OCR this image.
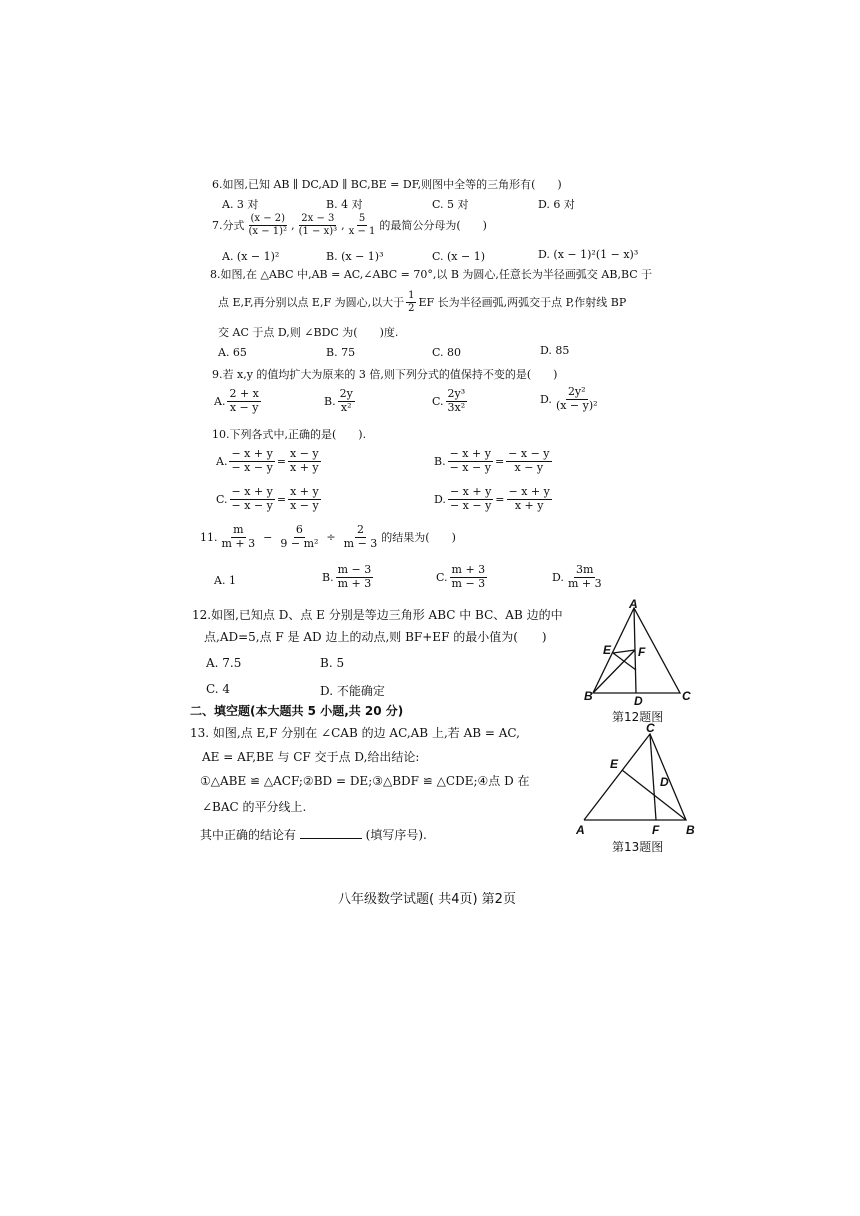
6.如图,已知 AB ∥ DC,AD ∥ BC,BE = DF,则图中全等的三角形有(　　)
A. 3 对	B. 4 对	C. 5 对	D. 6 对
7.分式 $\frac{(x - 2)}{\text{(x − 1)²}}$ , $\frac{2x - 3}{\text{(1 − x)³}}$ , $\frac{5}{x - 1}$ 的最简公分母为(　　)
A. (x − 1)²	B. (x − 1)³	C. (x − 1)	D. (x − 1)²(1 − x)³
8.如图,在 △ABC 中,AB = AC,∠ABC = 70°,以 B 为圆心,任意长为半径画弧交 AB,BC 于
点 E,F,再分别以点 E,F 为圆心,以大于 $\frac{1}{2}$ EF 长为半径画弧,两弧交于点 P,作射线 BP
交 AC 于点 D,则 ∠BDC 为(　　)度.
A. 65	B. 75	C. 80	D. 85
9.若 x,y 的值均扩大为原来的 3 倍,则下列分式的值保持不变的是(　　)
A. $\frac{2 + x}{x - y}$	B. $\frac{2y}{\text{x²}}$	C. $\frac{\text{2y³}}{\text{3x²}}$	D. $\frac{\text{2y²}}{\text{(x − y)²}}$
10.下列各式中,正确的是(　　).
A. $\frac{- x + y}{- x - y} = \frac{x - y}{x + y}$	B. $\frac{- x + y}{- x - y} = \frac{- x - y}{x - y}$
C. $\frac{- x + y}{- x - y} = \frac{x + y}{x - y}$	D. $\frac{- x + y}{- x - y} = \frac{- x + y}{x + y}$
11. $\frac{m}{m + 3} - \frac{6}{\text{9 − m²}} \div \frac{2}{m - 3}$ 的结果为(　　)
A. 1	B. $\frac{m - 3}{m + 3}$	C. $\frac{m + 3}{m - 3}$	D. $\frac{3m}{m + 3}$
12.如图,已知点 D、点 E 分别是等边三角形 ABC 中 BC、AB 边的中
点,AD=5,点 F 是 AD 边上的动点,则 BF+EF 的最小值为(　　)
A. 7.5	B. 5
C. 4	D. 不能确定
A
E F
B	D	C
第12题图
二、填空题(本大题共 5 小题,共 20 分)
13. 如图,点 E,F 分别在 ∠CAB 的边 AC,AB 上,若 AB = AC,
AE = AF,BE 与 CF 交于点 D,给出结论:
①△ABE ≌ △ACF;②BD = DE;③△BDF ≌ △CDE;④点 D 在
∠BAC 的平分线上.
其中正确的结论有	(填写序号).
C
E
D
A	F B
第13题图
八年级数学试题( 共4页) 第2页
